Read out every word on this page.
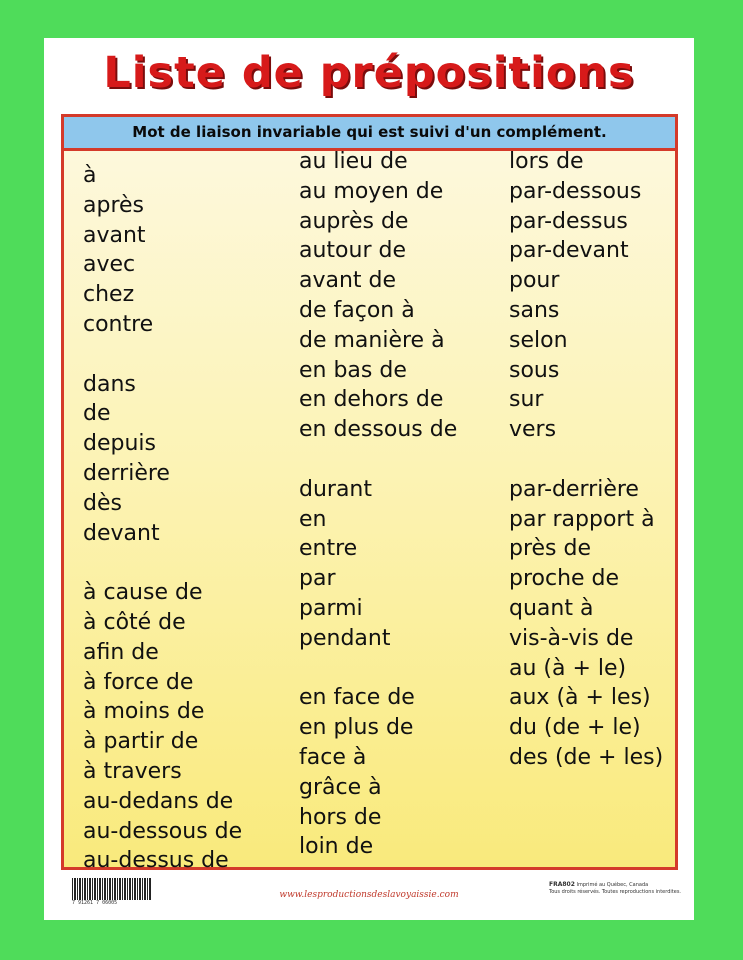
Liste de prépositions
Mot de liaison invariable qui est suivi d'un complément.
à
après
avant
avec
chez
contre
dans
de
depuis
derrière
dès
devant
à cause de
à côté de
afin de
à force de
à moins de
à partir de
à travers
au-dedans de
au-dessous de
au-dessus de
au lieu de
au moyen de
auprès de
autour de
avant de
de façon à
de manière à
en bas de
en dehors de
en dessous de
durant
en
entre
par
parmi
pendant
en face de
en plus de
face à
grâce à
hors de
loin de
lors de
par-dessous
par-dessus
par-devant
pour
sans
selon
sous
sur
vers
par-derrière
par rapport à
près de
proche de
quant à
vis-à-vis de
au (à + le)
aux (à + les)
du (de + le)
des (de + les)
7 91261 7 06005
www.lesproductionsdeslavoyaissie.com
FRA802 Imprimé au Québec, Canada
Tous droits réservés. Toutes reproductions interdites.
